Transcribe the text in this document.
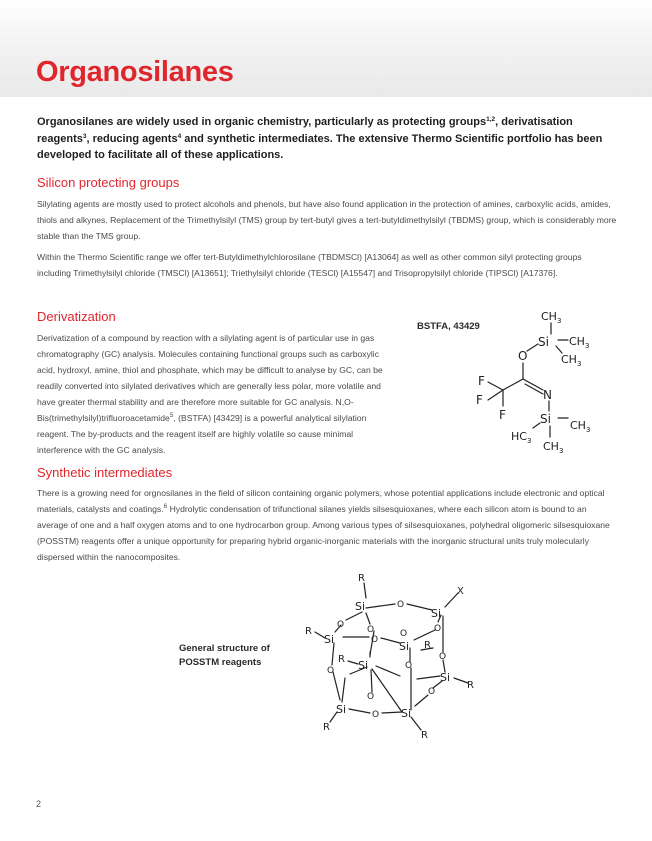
Organosilanes

Organosilanes are widely used in organic chemistry, particularly as protecting groups$^{1,2}$, derivatisation reagents$^3$, reducing agents$^4$ and synthetic intermediates. The extensive Thermo Scientific portfolio has been developed to facilitate all of these applications.

Silicon protecting groups

Silylating agents are mostly used to protect alcohols and phenols, but have also found application in the protection of amines, carboxylic acids, amides, thiols and alkynes. Replacement of the Trimethylsilyl (TMS) group by tert-butyl gives a tert-butyldimethylsilyl (TBDMS) group, which is considerably more stable than the TMS group.

Within the Thermo Scientific range we offer tert-Butyldimethylchlorosilane (TBDMSCl) [A13064] as well as other common silyl protecting groups including Trimethylsilyl chloride (TMSCl) [A13651]; Triethylsilyl chloride (TESCl) [A15547] and Trisopropylsilyl chloride (TIPSCl) [A17376].

Derivatization

Derivatization of a compound by reaction with a silylating agent is of particular use in gas chromatography (GC) analysis. Molecules containing functional groups such as carboxylic acid, hydroxyl, amine, thiol and phosphate, which may be difficult to analyse by GC, can be readily converted into silylated derivatives which are generally less polar, more volatile and have greater thermal stability and are therefore more suitable for GC analysis. N,O-Bis(trimethylsilyl)trifluoroacetamide$^5$, (BSTFA) [43429] is a powerful analytical silylation reagent. The by-products and the reagent itself are highly volatile so cause minimal interference with the GC analysis.

BSTFA, 43429
$CH_3$
Si $CH_3$
$CH_3$
O
N
F
F
F	Si $CH_3$
$HC_3$ $CH_3$
Synthetic intermediates

There is a growing need for orgnosilanes in the field of silicon containing organic polymers, whose potential applications include electronic and optical materials, catalysts and coatings.$^6$ Hydrolytic condensation of trifunctional silanes yields silsesquioxanes, where each silicon atom is bound to an average of one and a half oxygen atoms and to one hydrocarbon group. Among various types of silsesquioxanes, polyhedral oligomeric silsesquioxane (POSSTM) reagents offer a unique opportunity for preparing hybrid organic-inorganic materials with the inorganic structural units truly molecularly dispersed within the nanocomposites.

General structure of POSSTM reagents
Si
Si
Si
Si
Si
Si
Si	Si
O
O	O	O
O
O
O
O	O
O	O
O
R
X
R
R
R
R
R
R
2
